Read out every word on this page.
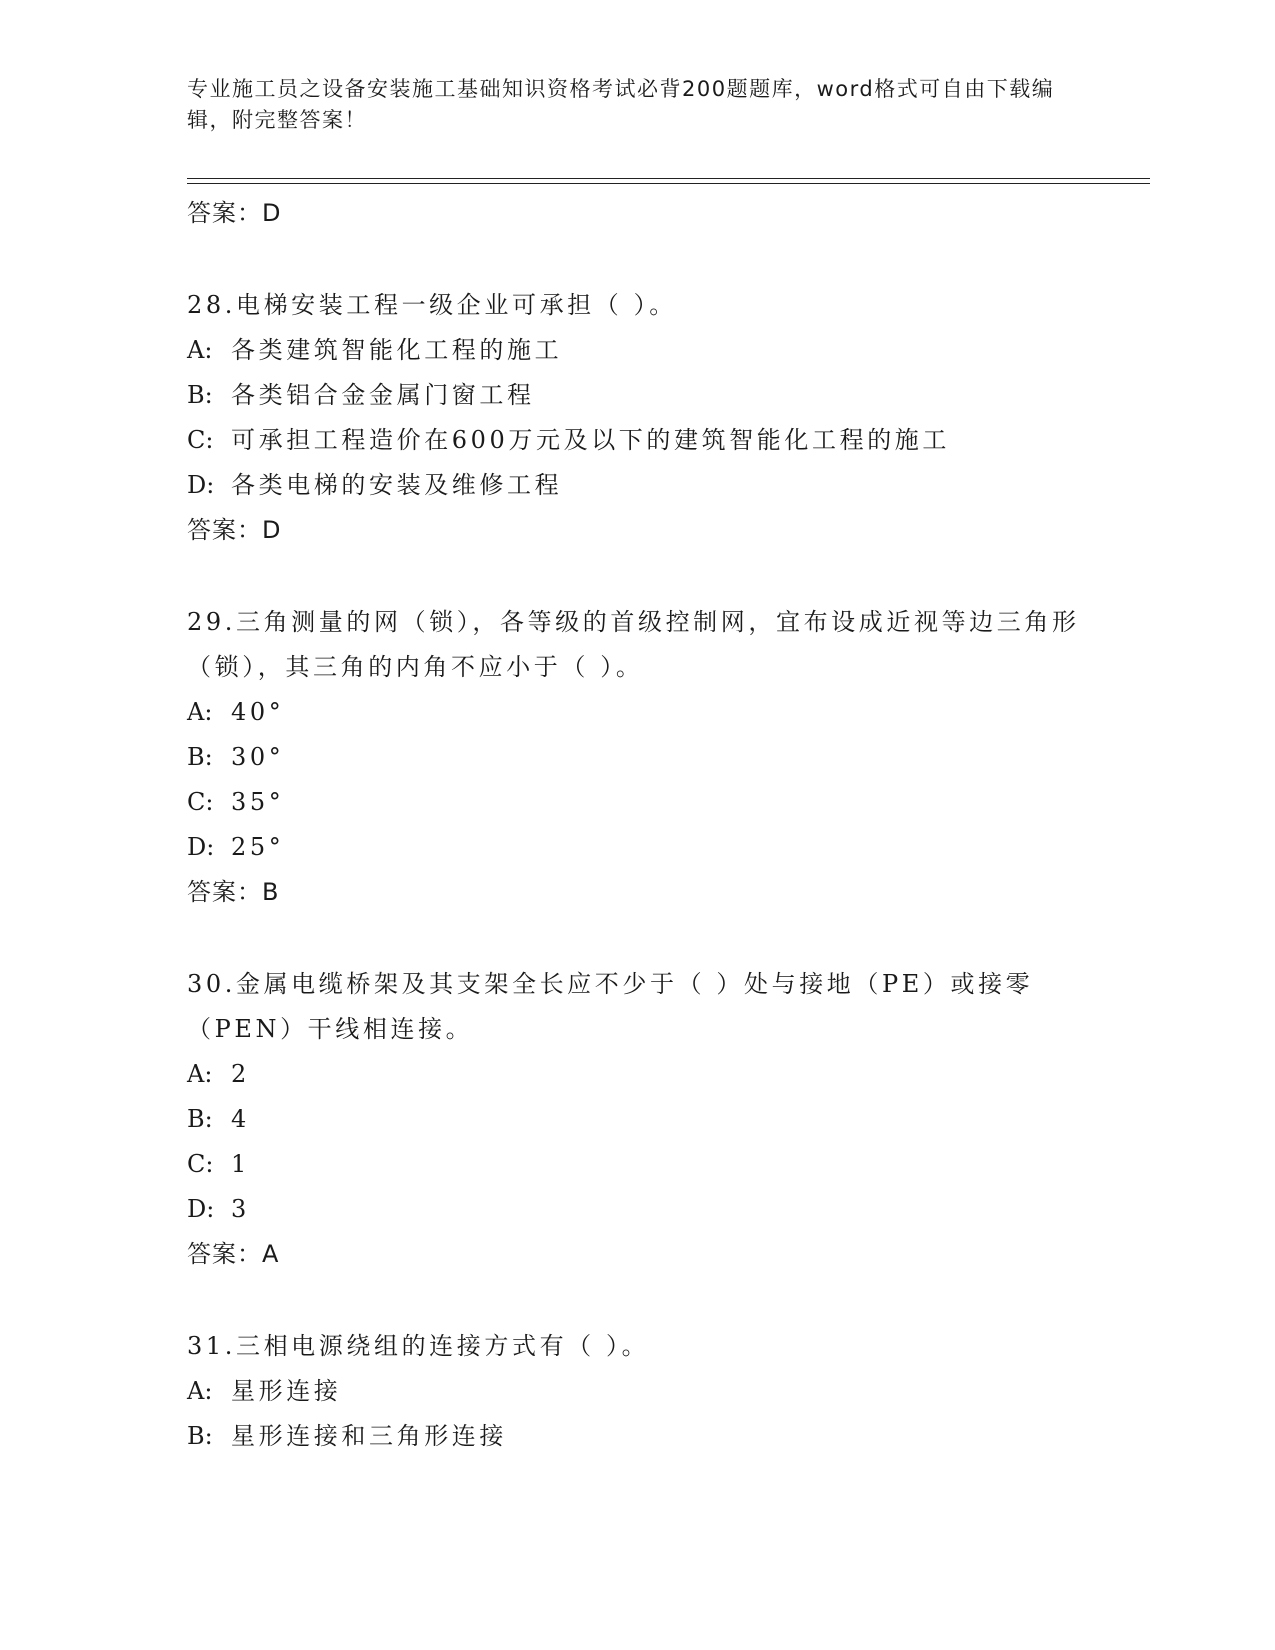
专业施工员之设备安装施工基础知识资格考试必背200题题库，word格式可自由下载编辑，附完整答案！
答案：D
28.电梯安装工程一级企业可承担（ ）。
A: 各类建筑智能化工程的施工
B: 各类铝合金金属门窗工程
C: 可承担工程造价在600万元及以下的建筑智能化工程的施工
D: 各类电梯的安装及维修工程
答案：D
29.三角测量的网（锁），各等级的首级控制网，宜布设成近视等边三角形（锁），其三角的内角不应小于（ ）。
A: 40°
B: 30°
C: 35°
D: 25°
答案：B
30.金属电缆桥架及其支架全长应不少于（ ）处与接地（PE）或接零（PEN）干线相连接。
A: 2
B: 4
C: 1
D: 3
答案：A
31.三相电源绕组的连接方式有（ ）。
A: 星形连接
B: 星形连接和三角形连接
